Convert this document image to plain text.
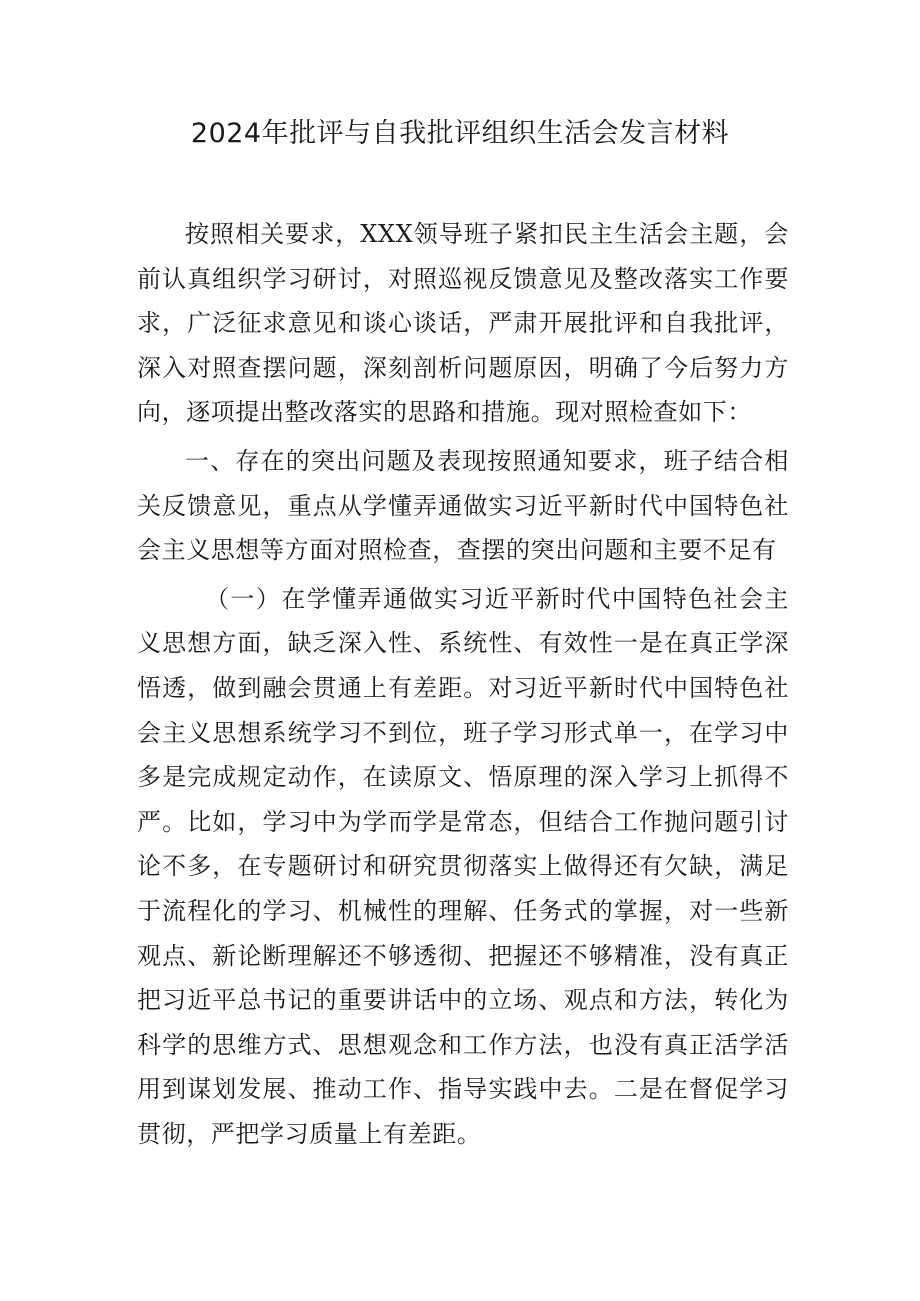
2024年批评与自我批评组织生活会发言材料

按照相关要求，XXX领导班子紧扣民主生活会主题，会前认真组织学习研讨，对照巡视反馈意见及整改落实工作要求，广泛征求意见和谈心谈话，严肃开展批评和自我批评，深入对照查摆问题，深刻剖析问题原因，明确了今后努力方向，逐项提出整改落实的思路和措施。现对照检查如下：

一、存在的突出问题及表现按照通知要求，班子结合相关反馈意见，重点从学懂弄通做实习近平新时代中国特色社会主义思想等方面对照检查，查摆的突出问题和主要不足有

（一）在学懂弄通做实习近平新时代中国特色社会主义思想方面，缺乏深入性、系统性、有效性一是在真正学深悟透，做到融会贯通上有差距。对习近平新时代中国特色社会主义思想系统学习不到位，班子学习形式单一，在学习中多是完成规定动作，在读原文、悟原理的深入学习上抓得不严。比如，学习中为学而学是常态，但结合工作抛问题引讨论不多，在专题研讨和研究贯彻落实上做得还有欠缺，满足于流程化的学习、机械性的理解、任务式的掌握，对一些新观点、新论断理解还不够透彻、把握还不够精准，没有真正把习近平总书记的重要讲话中的立场、观点和方法，转化为科学的思维方式、思想观念和工作方法，也没有真正活学活用到谋划发展、推动工作、指导实践中去。二是在督促学习贯彻，严把学习质量上有差距。
